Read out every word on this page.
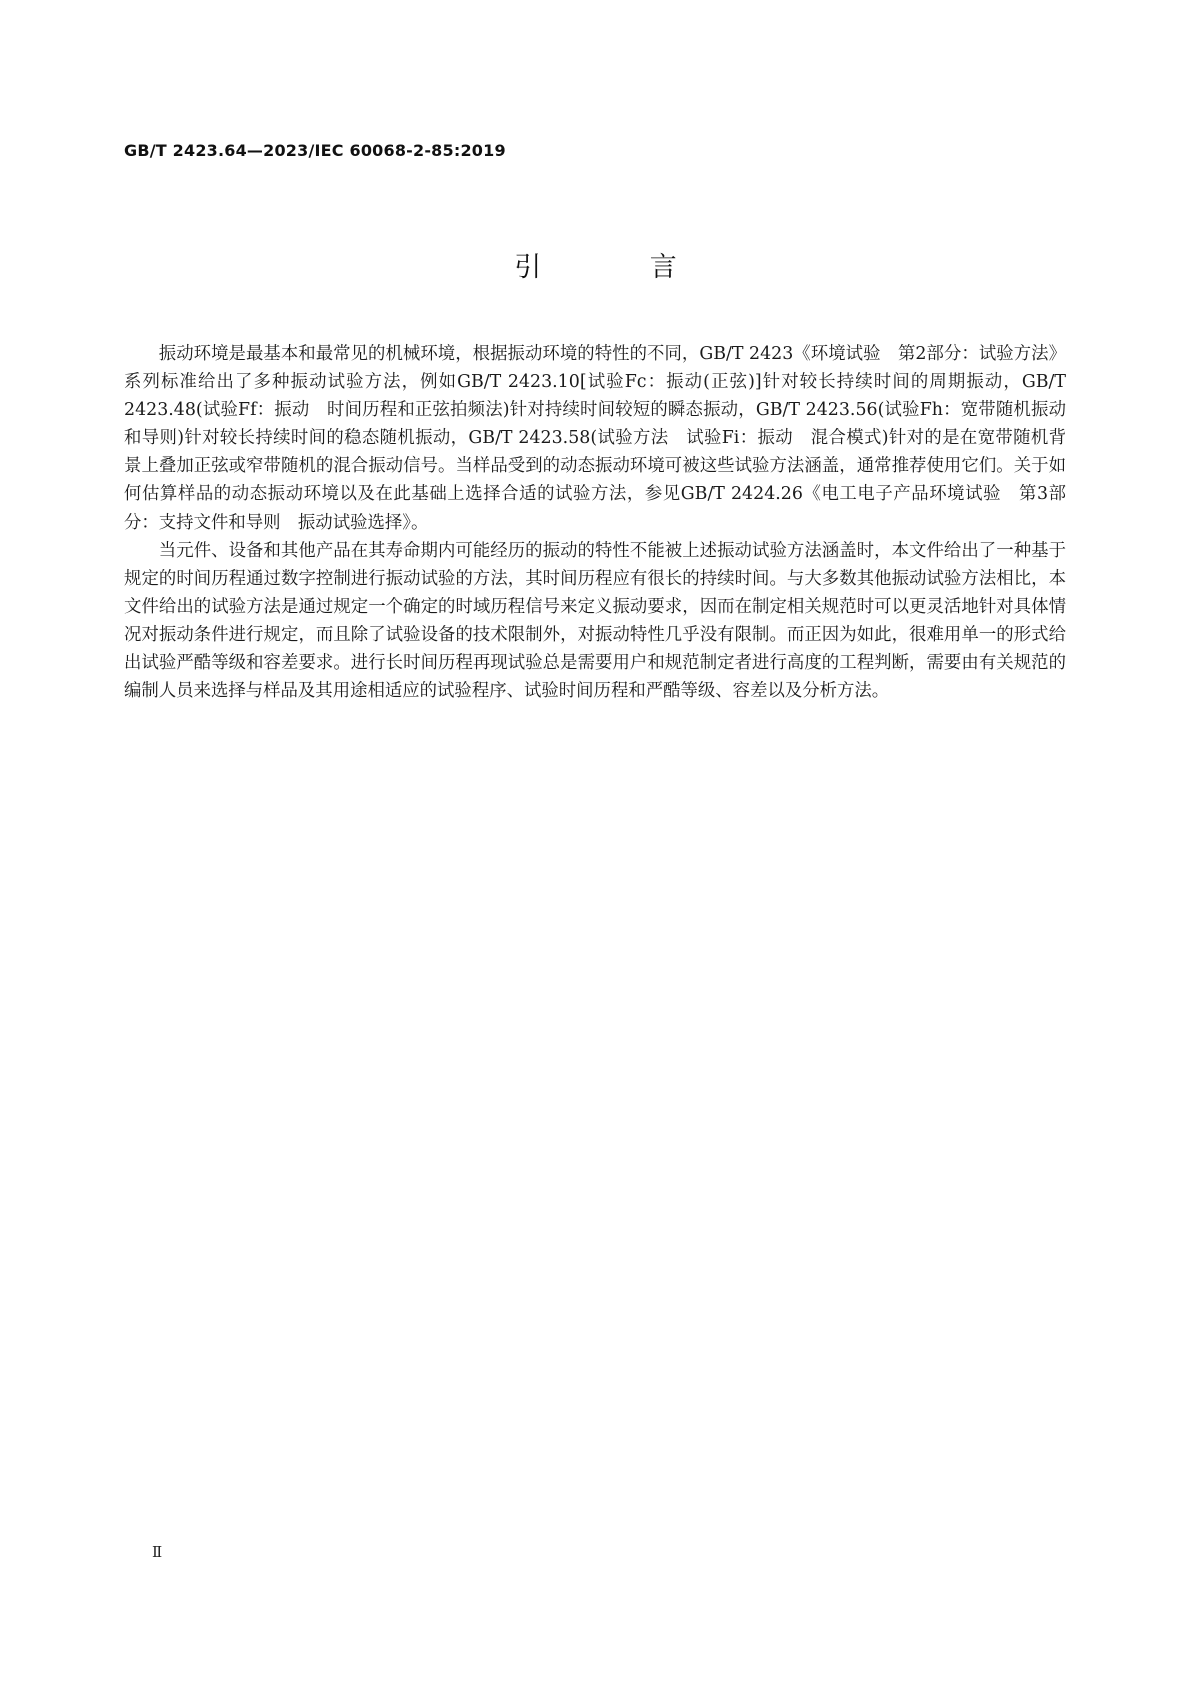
GB/T 2423.64—2023/IEC 60068-2-85:2019
引 言

振动环境是最基本和最常见的机械环境，根据振动环境的特性的不同，GB/T 2423《环境试验　第2部分：试验方法》系列标准给出了多种振动试验方法，例如GB/T 2423.10[试验Fc：振动(正弦)]针对较长持续时间的周期振动，GB/T 2423.48(试验Ff：振动　时间历程和正弦拍频法)针对持续时间较短的瞬态振动，GB/T 2423.56(试验Fh：宽带随机振动和导则)针对较长持续时间的稳态随机振动，GB/T 2423.58(试验方法　试验Fi：振动　混合模式)针对的是在宽带随机背景上叠加正弦或窄带随机的混合振动信号。当样品受到的动态振动环境可被这些试验方法涵盖，通常推荐使用它们。关于如何估算样品的动态振动环境以及在此基础上选择合适的试验方法，参见GB/T 2424.26《电工电子产品环境试验　第3部分：支持文件和导则　振动试验选择》。

当元件、设备和其他产品在其寿命期内可能经历的振动的特性不能被上述振动试验方法涵盖时，本文件给出了一种基于规定的时间历程通过数字控制进行振动试验的方法，其时间历程应有很长的持续时间。与大多数其他振动试验方法相比，本文件给出的试验方法是通过规定一个确定的时域历程信号来定义振动要求，因而在制定相关规范时可以更灵活地针对具体情况对振动条件进行规定，而且除了试验设备的技术限制外，对振动特性几乎没有限制。而正因为如此，很难用单一的形式给出试验严酷等级和容差要求。进行长时间历程再现试验总是需要用户和规范制定者进行高度的工程判断，需要由有关规范的编制人员来选择与样品及其用途相适应的试验程序、试验时间历程和严酷等级、容差以及分析方法。

Ⅱ
